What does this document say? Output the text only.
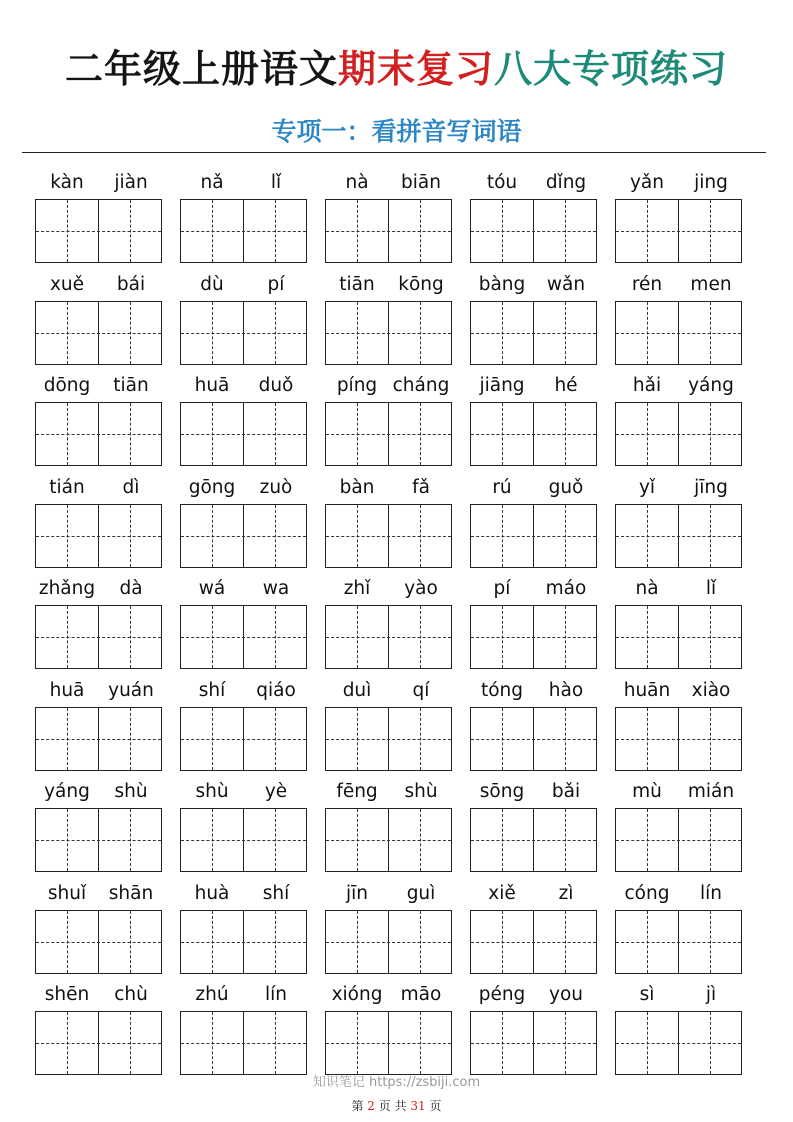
二年级上册语文期末复习八大专项练习
专项一：看拼音写词语
kàn	jiàn	nǎ	lǐ	nà	biān	tóu	dǐng	yǎn	jing
xuě	bái	dù	pí	tiān	kōng	bàng	wǎn	rén	men
dōng	tiān	huā	duǒ	píng cháng	jiāng	hé	hǎi	yáng
tián	dì	gōng	zuò	bàn	fǎ	rú	guǒ	yǐ	jīng
zhǎng	dà	wá	wa	zhǐ	yào	pí	máo	nà	lǐ
huā	yuán	shí	qiáo	duì	qí	tóng	hào	huān	xiào
yáng	shù	shù	yè	fēng	shù	sōng	bǎi	mù	mián
shuǐ	shān	huà	shí	jīn	guì	xiě	zì	cóng	lín
shēn	chù	zhú	lín	xióng māo	péng	you	sì	jì
知识笔记 https://zsbiji.com
第 2 页 共 31 页
